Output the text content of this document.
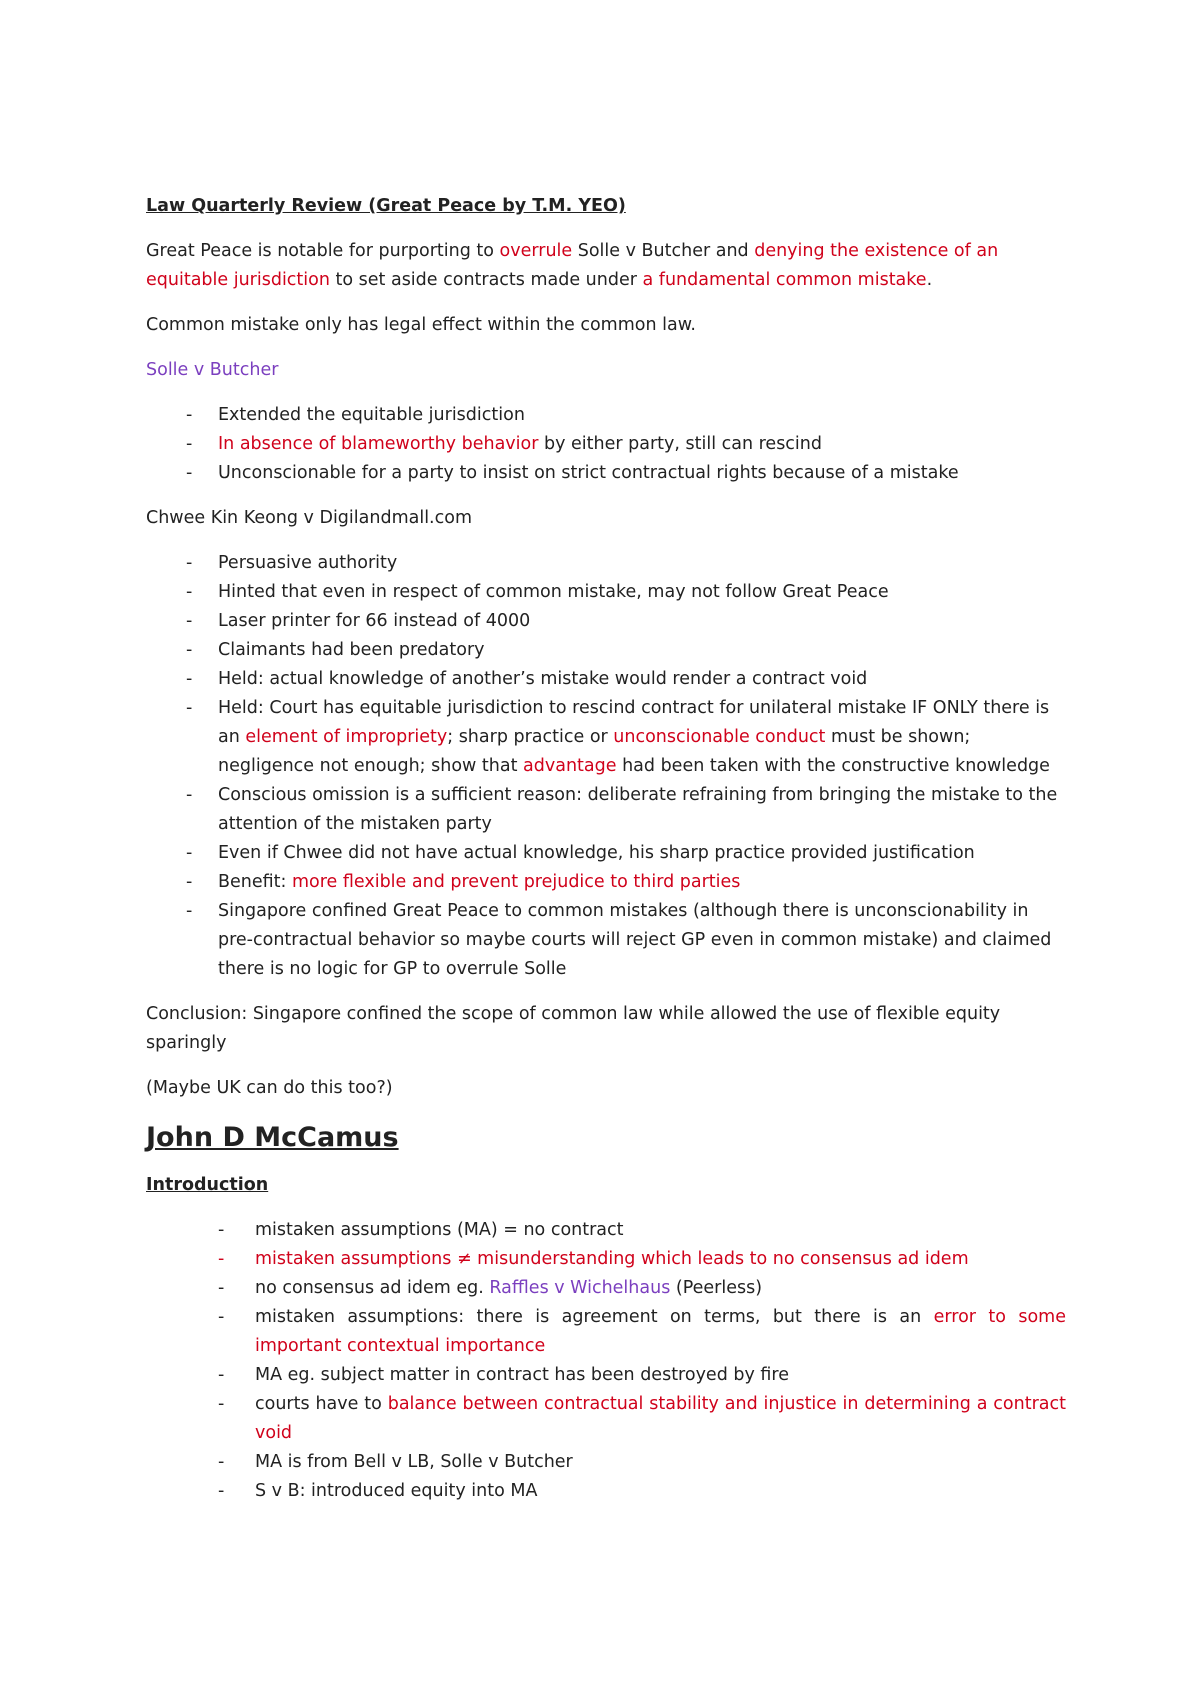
Law Quarterly Review (Great Peace by T.M. YEO)

Great Peace is notable for purporting to overrule Solle v Butcher and denying the existence of an equitable jurisdiction to set aside contracts made under a fundamental common mistake.

Common mistake only has legal effect within the common law.

Solle v Butcher

- Extended the equitable jurisdiction
- In absence of blameworthy behavior by either party, still can rescind
- Unconscionable for a party to insist on strict contractual rights because of a mistake

Chwee Kin Keong v Digilandmall.com

- Persuasive authority
- Hinted that even in respect of common mistake, may not follow Great Peace
- Laser printer for 66 instead of 4000
- Claimants had been predatory
- Held: actual knowledge of another’s mistake would render a contract void
- Held: Court has equitable jurisdiction to rescind contract for unilateral mistake IF ONLY there is an element of impropriety; sharp practice or unconscionable conduct must be shown; negligence not enough; show that advantage had been taken with the constructive knowledge
- Conscious omission is a sufficient reason: deliberate refraining from bringing the mistake to the attention of the mistaken party
- Even if Chwee did not have actual knowledge, his sharp practice provided justification
- Benefit: more flexible and prevent prejudice to third parties
- Singapore confined Great Peace to common mistakes (although there is unconscionability in pre-contractual behavior so maybe courts will reject GP even in common mistake) and claimed there is no logic for GP to overrule Solle

Conclusion: Singapore confined the scope of common law while allowed the use of flexible equity sparingly

(Maybe UK can do this too?)

John D McCamus
Introduction
- mistaken assumptions (MA) = no contract
- mistaken assumptions ≠ misunderstanding which leads to no consensus ad idem
- no consensus ad idem eg. Raffles v Wichelhaus (Peerless)
- mistaken assumptions: there is agreement on terms, but there is an error to some important contextual importance
- MA eg. subject matter in contract has been destroyed by fire
- courts have to balance between contractual stability and injustice in determining a contract void
- MA is from Bell v LB, Solle v Butcher
- S v B: introduced equity into MA
